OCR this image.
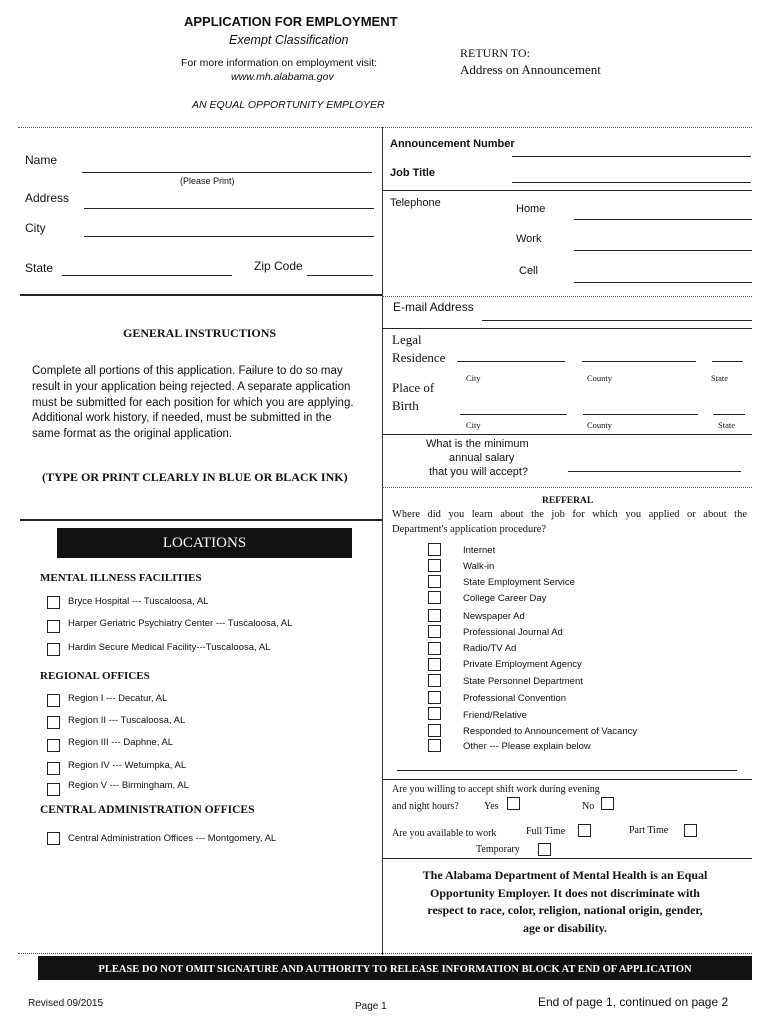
APPLICATION FOR EMPLOYMENT
Exempt Classification
For more information on employment visit:
www.mh.alabama.gov
AN EQUAL OPPORTUNITY EMPLOYER
RETURN TO:
Address on Announcement
Name
(Please Print)
Address
City
State	Zip Code
Announcement Number
Job Title
Telephone	Home
Work
Cell
E-mail Address
GENERAL INSTRUCTIONS
Complete all portions of this application. Failure to do so may
result in your application being rejected. A separate application
must be submitted for each position for which you are applying.
Additional work history, if needed, must be submitted in the
same format as the original application.
(TYPE OR PRINT CLEARLY IN BLUE OR BLACK INK)
Legal
Residence
City	County	State
Place of
Birth
City	County	State
What is the minimum
annual salary
that you will accept?
LOCATIONS
MENTAL ILLNESS FACILITIES
Bryce Hospital --- Tuscaloosa, AL
Harper Geriatric Psychiatry Center --- Tuscaloosa, AL
Hardin Secure Medical Facility---Tuscaloosa, AL
REGIONAL OFFICES
Region I --- Decatur, AL
Region II --- Tuscaloosa, AL
Region III --- Daphne, AL
Region IV --- Wetumpka, AL
Region V --- Birmingham, AL
CENTRAL ADMINISTRATION OFFICES
Central Administration Offices --- Montgomery, AL
REFFERAL
Where did you learn about the job for which you applied or about the
Department's application procedure?
Internet
Walk-in
State Employment Service
College Career Day
Newspaper Ad
Professional Journal Ad
Radio/TV Ad
Private Employment Agency
State Personnel Department
Professional Convention
Friend/Relative
Responded to Announcement of Vacancy
Other --- Please explain below
Are you willing to accept shift work during evening
and night hours?	Yes	No
Are you available to work	Full Time	Part Time
Temporary
The Alabama Department of Mental Health is an Equal
Opportunity Employer. It does not discriminate with
respect to race, color, religion, national origin, gender,
age or disability.
PLEASE DO NOT OMIT SIGNATURE AND AUTHORITY TO RELEASE INFORMATION BLOCK AT END OF APPLICATION
Revised 09/2015	Page 1	End of page 1, continued on page 2
